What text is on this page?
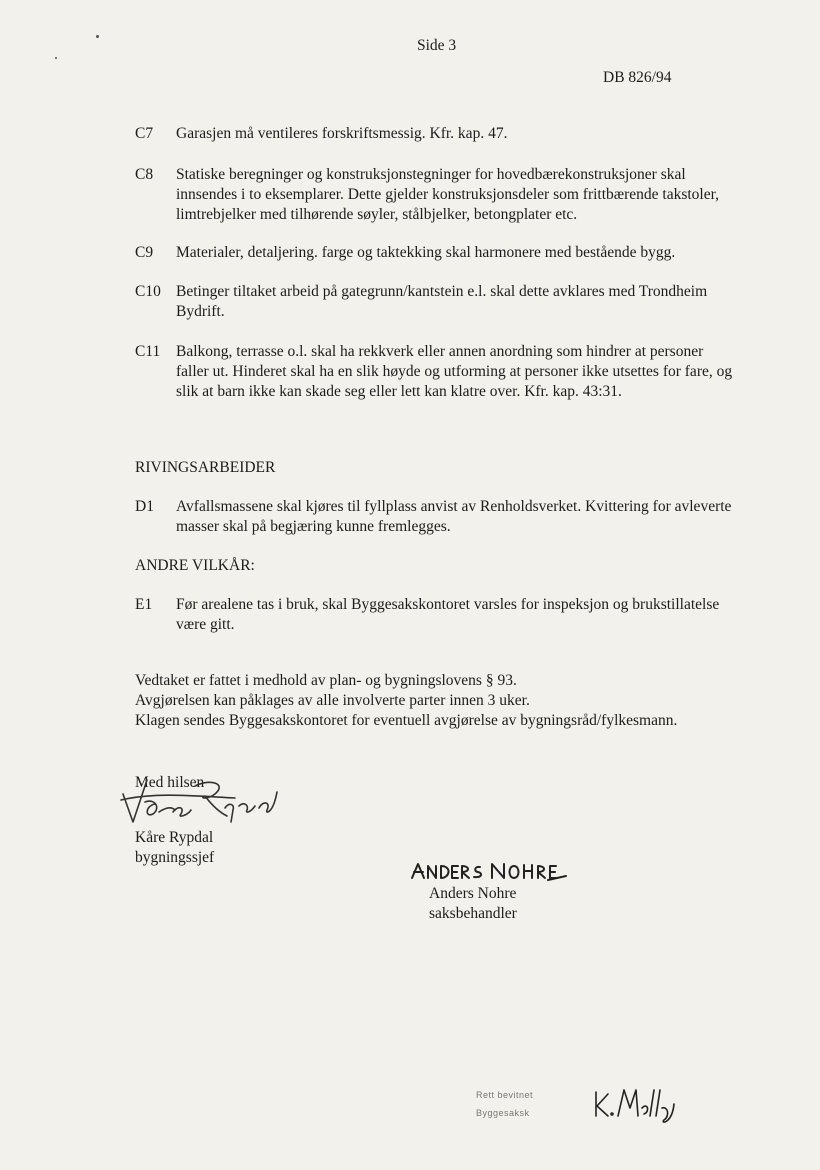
Side 3
DB 826/94
C7 Garasjen må ventileres forskriftsmessig. Kfr. kap. 47.
C8 Statiske beregninger og konstruksjonstegninger for hovedbærekonstruksjoner skal innsendes i to eksemplarer. Dette gjelder konstruksjonsdeler som frittbærende takstoler, limtrebjelker med tilhørende søyler, stålbjelker, betongplater etc.
C9 Materialer, detaljering. farge og taktekking skal harmonere med bestående bygg.
C10 Betinger tiltaket arbeid på gategrunn/kantstein e.l. skal dette avklares med Trondheim Bydrift.
C11 Balkong, terrasse o.l. skal ha rekkverk eller annen anordning som hindrer at personer faller ut. Hinderet skal ha en slik høyde og utforming at personer ikke utsettes for fare, og slik at barn ikke kan skade seg eller lett kan klatre over. Kfr. kap. 43:31.
RIVINGSARBEIDER
D1 Avfallsmassene skal kjøres til fyllplass anvist av Renholdsverket. Kvittering for avleverte masser skal på begjæring kunne fremlegges.
ANDRE VILKÅR:
E1 Før arealene tas i bruk, skal Byggesakskontoret varsles for inspeksjon og brukstillatelse være gitt.
Vedtaket er fattet i medhold av plan- og bygningslovens § 93.
Avgjørelsen kan påklages av alle involverte parter innen 3 uker.
Klagen sendes Byggesakskontoret for eventuell avgjørelse av bygningsråd/fylkesmann.
Med hilsen
Kåre Rypdal
bygningssjef
Anders Nohre
saksbehandler
Rett bevitnet
Byggesaksk
